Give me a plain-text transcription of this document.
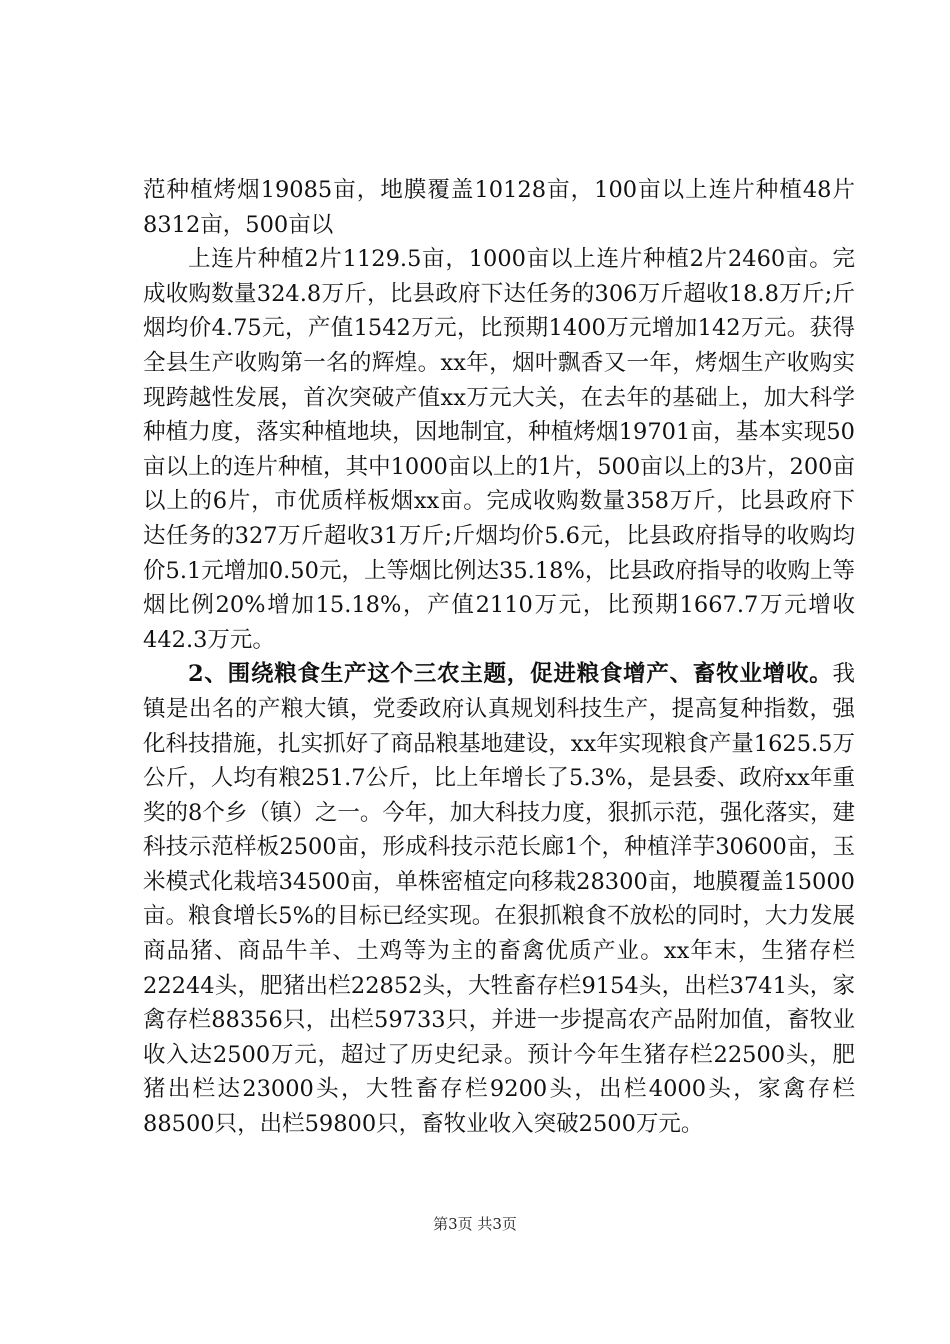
范种植烤烟19085亩，地膜覆盖10128亩，100亩以上连片种植48片8312亩，500亩以

上连片种植2片1129.5亩，1000亩以上连片种植2片2460亩。完成收购数量324.8万斤，比县政府下达任务的306万斤超收18.8万斤;斤烟均价4.75元，产值1542万元，比预期1400万元增加142万元。获得全县生产收购第一名的辉煌。xx年，烟叶飘香又一年，烤烟生产收购实现跨越性发展，首次突破产值xx万元大关，在去年的基础上，加大科学种植力度，落实种植地块，因地制宜，种植烤烟19701亩，基本实现50亩以上的连片种植，其中1000亩以上的1片，500亩以上的3片，200亩以上的6片，市优质样板烟xx亩。完成收购数量358万斤，比县政府下达任务的327万斤超收31万斤;斤烟均价5.6元，比县政府指导的收购均价5.1元增加0.50元，上等烟比例达35.18%，比县政府指导的收购上等烟比例20%增加15.18%，产值2110万元，比预期1667.7万元增收442.3万元。

2、围绕粮食生产这个三农主题，促进粮食增产、畜牧业增收。我镇是出名的产粮大镇，党委政府认真规划科技生产，提高复种指数，强化科技措施，扎实抓好了商品粮基地建设，xx年实现粮食产量1625.5万公斤，人均有粮251.7公斤，比上年增长了5.3%，是县委、政府xx年重奖的8个乡（镇）之一。今年，加大科技力度，狠抓示范，强化落实，建科技示范样板2500亩，形成科技示范长廊1个，种植洋芋30600亩，玉米模式化栽培34500亩，单株密植定向移栽28300亩，地膜覆盖15000亩。粮食增长5%的目标已经实现。在狠抓粮食不放松的同时，大力发展商品猪、商品牛羊、土鸡等为主的畜禽优质产业。xx年末，生猪存栏22244头，肥猪出栏22852头，大牲畜存栏9154头，出栏3741头，家禽存栏88356只，出栏59733只，并进一步提高农产品附加值，畜牧业收入达2500万元，超过了历史纪录。预计今年生猪存栏22500头，肥猪出栏达23000头，大牲畜存栏9200头，出栏4000头，家禽存栏88500只，出栏59800只，畜牧业收入突破2500万元。

第3页 共3页
